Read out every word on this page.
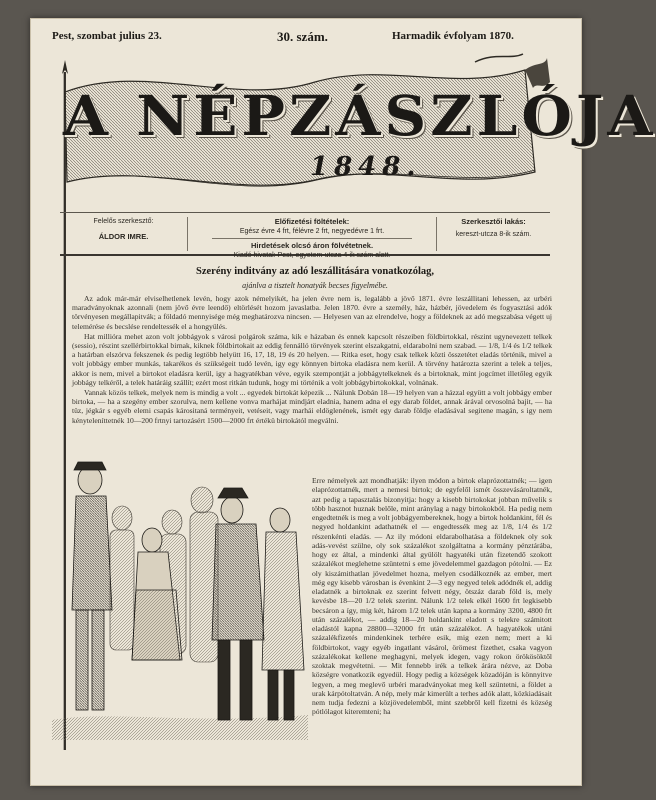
Pest, szombat julius 23.	30. szám.	Harmadik évfolyam 1870.
A NÉPZÁSZLÓJA
1848.
Felelős szerkesztő:
ÁLDOR IMRE.
Előfizetési föltételek:
Egész évre 4 frt, félévre 2 frt, negyedévre 1 frt.
Hirdetések olcsó áron fölvétetnek.
Kiadó hivatal: Pest, egyetem-utcza 4-ik szám alatt.
Szerkesztői lakás:
kereszt-utcza 8-ik szám.
Szerény inditvány az adó leszállitására vonatkozólag,
ajánlva a tisztelt honatyák becses figyelmébe.

Az adok már-már elviselhetlenek levén, hogy azok némelyikét, ha jelen évre nem is, legalább a jövő 1871. évre leszállitani lehessen, az urbéri maradványoknak azonnali (nem jövő évre leendő) eltörlését hozom javaslatba. Jelen 1870. évre a személy, ház, házbér, jövedelem és fogyasztási adók törvényesen megállapitvák; a földadó mennyisége még meghatározva nincsen. — Helyesen van az elrendelve, hogy a földeknek az adó megszabása végett uj telemérése és becslése rendeltessék el a hongyülés.

Hat millióra mehet azon volt jobbágyok s városi polgárok száma, kik e házaban és ennek kapcsolt részeiben földbirtokkal, részint ugynevezett telkek (sessio), részint szellérbirtokkal birnak, kiknek földbirtokait az eddig fennálló törvények szerint elszakgatni, eldarabolni nem szabad. — 1/8, 1/4 és 1/2 telkek a határban elszórva fekszenek és pedig legtöbb helyütt 16, 17, 18, 19 és 20 helyen. — Ritka eset, hogy csak telkek közti összetétet eladás történik, mivel a volt jobbágy ember munkás, takarékos és szükségeit tudó levén, igy egy könnyen birtoka eladásra nem kerül. A törvény határozta szerint a telek a teljes, akkor is nem, mivel a birtokot eladásra kerül, igy a hagyatékban véve, egyik szempontját a jobbágytelkeknek és a birtoknak, mint jogcímet illetőleg egyik jobbágy telkéről, a telek határáig szállít; ezért most ritkán tudunk, hogy mi történik a volt jobbágybirtokokkal, volnának.

Vannak közös telkek, melyek nem is mindig a volt ... egyedek birtokát képezik ... Nálunk Dobán 18—19 helyen van a házzal együtt a volt jobbágy ember birtoka, — ha a szegény ember szorulva, nem kellene vonva marhájat mindjárt eladnia, hanem adna el egy darab földet, annak árával orvosolná bajit, — ha tüz, jégkár s egyéb elemi csapás kárositaná terményeit, vetéseit, vagy marhái eldöglenének, ismét egy darab földje eladásával segitene magán, s igy nem kényteleníttetnék 10—200 frtnyi tartozásért 1500—2000 frt értékü birtokától megválni.

Erre némelyek azt mondhatják: ilyen módon a birtok elaprózottatnék; — igen elaprózottatnék, mert a nemesi birtok; de egyfelől ismét összevásároltatnék, azt pedig a tapasztalás bizonyitja: hogy a kisebb birtokokat jobban művelik s több hasznot huznak belőle, mint aránylag a nagy birtokokból. Ha pedig nem engedtetnék is meg a volt jobbágyembereknek, hogy a birtok holdankint, fél és negyed holdankint adathatnék el — engedtessék meg az 1/8, 1/4 és 1/2 részenkénti eladás. — Az ily módoni eldarabolhatása a földeknek oly sok adás-vevést szülne, oly sok százalékot szolgáltatna a kormány pénztárába, hogy ez által, a mindenki által gyülölt hagyatéki után fizetendő szokott százalékot meglehetne szüntetni s eme jövedelemmel gazdagon pótolni. — Ez oly kiszámithatlan jövedelmet hozna, melyen csodálkoznék az ember, mert még egy kisebb városban is évenkint 2—3 egy negyed telek adódnék el, addig eladatnék a birtoknak ez szerint felvett négy, ötszáz darab föld is, mely kevésbe 18—20 1/2 telek szerint. Nálunk 1/2 telek elkél 1600 frt legkisebb becsáron a így, mig két, három 1/2 telek után kapna a kormány 3200, 4800 frt után százalékot, — addig 18—20 holdankint eladott s telekre számitott eladástól kapna 28800—32000 frt után százalékot. A hagyatékok utáni százalékfizetés mindenkinek terhére esik, mig ezen nem; mert a ki földbirtokot, vagy egyéb ingatlant vásárol, örömest fizethet, csaka vagyon százalékokat kellene meghagyni, melyek idegen, vagy rokon örökösöktől szoktak megvétetni. — Mit fennebb irék a telkek árára nézve, az Doba községre vonatkozik egyedül. Hogy pedig a községek közadóján is könnyitve legyen, a meg meglevő urbéri maradványokat meg kell szüntetni, a földet a urak kárpótoltatván. A nép, mely már kimerült a terhes adók alatt, közkiadásait nem tudja fedezni a közjövedelemből, mint szebbről kell fizetni és község pótlólagot kiteremteni; ha
